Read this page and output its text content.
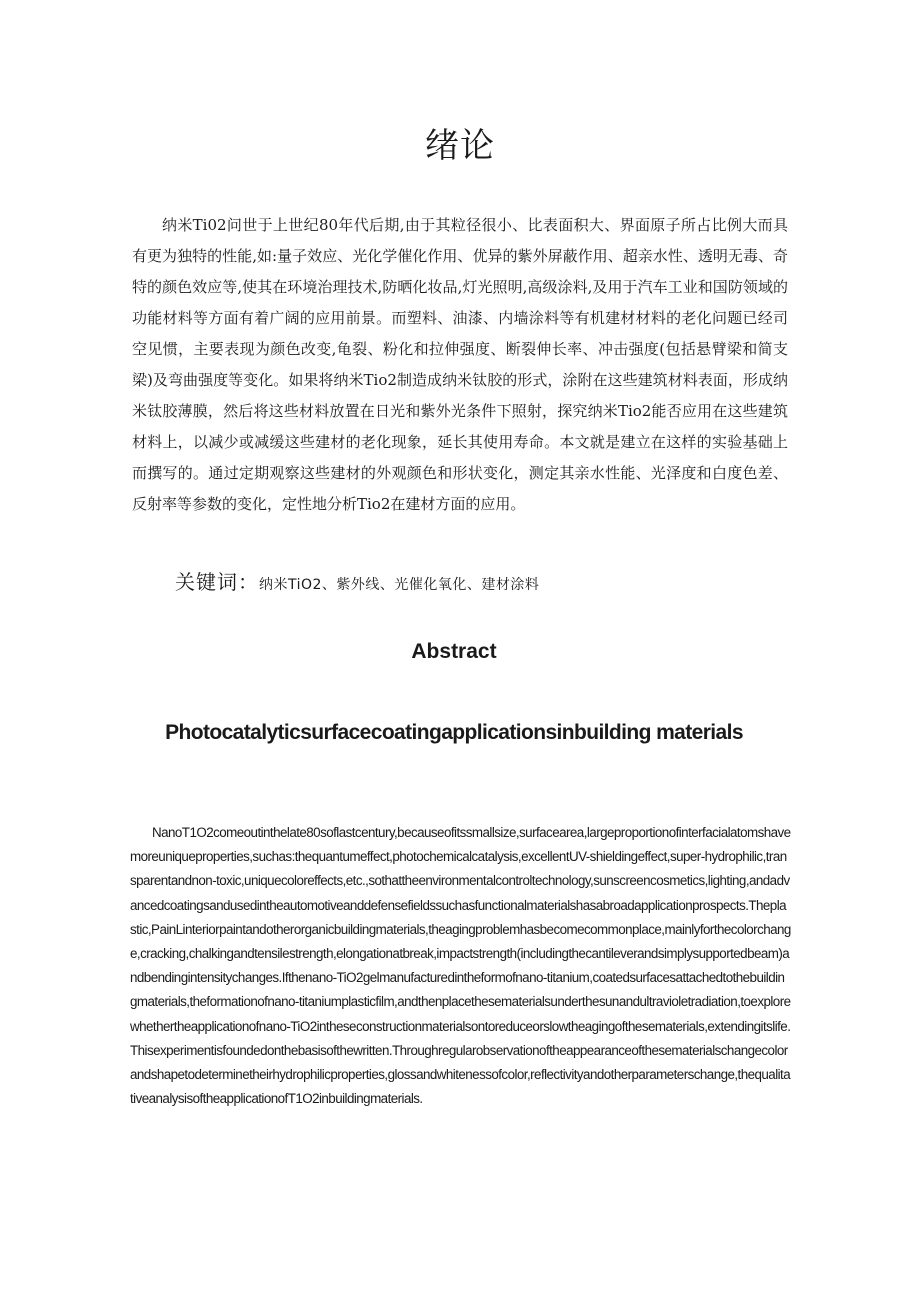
绪论

纳米Ti02问世于上世纪80年代后期,由于其粒径很小、比表面积大、界面原子所占比例大而具有更为独特的性能,如:量子效应、光化学催化作用、优异的紫外屏蔽作用、超亲水性、透明无毒、奇特的颜色效应等,使其在环境治理技术,防晒化妆品,灯光照明,高级涂料,及用于汽车工业和国防领域的功能材料等方面有着广阔的应用前景。而塑料、油漆、内墙涂料等有机建材材料的老化问题已经司空见惯，主要表现为颜色改变,龟裂、粉化和拉伸强度、断裂伸长率、冲击强度(包括悬臂梁和简支梁)及弯曲强度等变化。如果将纳米Tio2制造成纳米钛胶的形式，涂附在这些建筑材料表面，形成纳米钛胶薄膜，然后将这些材料放置在日光和紫外光条件下照射，探究纳米Tio2能否应用在这些建筑材料上，以减少或减缓这些建材的老化现象，延长其使用寿命。本文就是建立在这样的实验基础上而撰写的。通过定期观察这些建材的外观颜色和形状变化，测定其亲水性能、光泽度和白度色差、反射率等参数的变化，定性地分析Tio2在建材方面的应用。

关键词：纳米TiO2、紫外线、光催化氧化、建材涂料

Abstract
Photocatalyticsurfacecoatingapplicationsinbuilding materials

NanoT1O2comeoutinthelate80soflastcentury,becauseofitssmallsize,surfacearea,largeproportionofinterfacialatomshavemoreuniqueproperties,suchas:thequantumeffect,photochemicalcatalysis,excellentUV-shieldingeffect,super-hydrophilic,transparentandnon-toxic,uniquecoloreffects,etc.,sothattheenvironmentalcontroltechnology,sunscreencosmetics,lighting,andadvancedcoatingsandusedintheautomotiveanddefensefieldssuchasfunctionalmaterialshasabroadapplicationprospects.Theplastic,PainLinteriorpaintandotherorganicbuildingmaterials,theagingproblemhasbecomecommonplace,mainlyforthecolorchange,cracking,chalkingandtensilestrength,elongationatbreak,impactstrength(includingthecantileverandsimplysupportedbeam)andbendingintensitychanges.Ifthenano-TiO2gelmanufacturedintheformofnano-titanium,coatedsurfacesattachedtothebuildingmaterials,theformationofnano-titaniumplasticfilm,andthenplacethesematerialsunderthesunandultravioletradiation,toexplorewhethertheapplicationofnano-TiO2intheseconstructionmaterialsontoreduceorslowtheagingofthesematerials,extendingitslife.Thisexperimentisfoundedonthebasisofthewritten.Throughregularobservationoftheappearanceofthesematerialschangecolorandshapetodeterminetheirhydrophilicproperties,glossandwhitenessofcolor,reflectivityandotherparameterschange,thequalitativeanalysisoftheapplicationofT1O2inbuildingmaterials.
